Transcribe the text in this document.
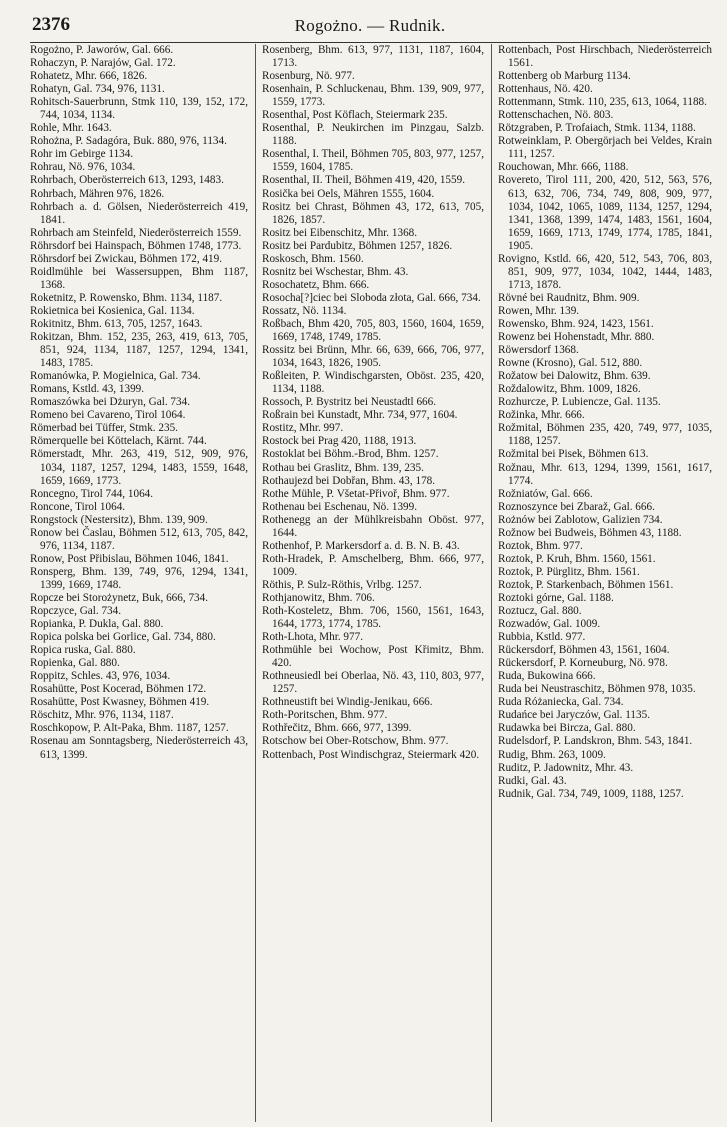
2376	Rogożno. — Rudnik.

Rogożno, P. Jaworów, Gal. 666.

Rohaczyn, P. Narajów, Gal. 172.

Rohatetz, Mhr. 666, 1826.

Rohatyn, Gal. 734, 976, 1131.

Rohitsch-Sauerbrunn, Stmk 110, 139, 152, 172, 744, 1034, 1134.

Rohle, Mhr. 1643.

Rohożna, P. Sadagóra, Buk. 880, 976, 1134.

Rohr im Gebirge 1134.

Rohrau, Nö. 976, 1034.

Rohrbach, Oberösterreich 613, 1293, 1483.

Rohrbach, Mähren 976, 1826.

Rohrbach a. d. Gölsen, Niederösterreich 419, 1841.

Rohrbach am Steinfeld, Niederösterreich 1559.

Röhrsdorf bei Hainspach, Böhmen 1748, 1773.

Röhrsdorf bei Zwickau, Böhmen 172, 419.

Roidlmühle bei Wassersuppen, Bhm 1187, 1368.

Roketnitz, P. Rowensko, Bhm. 1134, 1187.

Rokietnica bei Kosienica, Gal. 1134.

Rokitnitz, Bhm. 613, 705, 1257, 1643.

Rokitzan, Bhm. 152, 235, 263, 419, 613, 705, 851, 924, 1134, 1187, 1257, 1294, 1341, 1483, 1785.

Romanówka, P. Mogielnica, Gal. 734.

Romans, Kstld. 43, 1399.

Romaszówka bei Dżuryn, Gal. 734.

Romeno bei Cavareno, Tirol 1064.

Römerbad bei Tüffer, Stmk. 235.

Römerquelle bei Köttelach, Kärnt. 744.

Römerstadt, Mhr. 263, 419, 512, 909, 976, 1034, 1187, 1257, 1294, 1483, 1559, 1648, 1659, 1669, 1773.

Roncegno, Tirol 744, 1064.

Roncone, Tirol 1064.

Rongstock (Nestersitz), Bhm. 139, 909.

Ronow bei Časlau, Böhmen 512, 613, 705, 842, 976, 1134, 1187.

Ronow, Post Přibislau, Böhmen 1046, 1841.

Ronsperg, Bhm. 139, 749, 976, 1294, 1341, 1399, 1669, 1748.

Ropcze bei Storożynetz, Buk, 666, 734.

Ropczyce, Gal. 734.

Ropianka, P. Dukla, Gal. 880.

Ropica polska bei Gorlice, Gal. 734, 880.

Ropica ruska, Gal. 880.

Ropienka, Gal. 880.

Roppitz, Schles. 43, 976, 1034.

Rosahütte, Post Kocerad, Böhmen 172.

Rosahütte, Post Kwasney, Böhmen 419.

Röschitz, Mhr. 976, 1134, 1187.

Roschkopow, P. Alt-Paka, Bhm. 1187, 1257.

Rosenau am Sonntagsberg, Niederösterreich 43, 613, 1399.

Rosenberg, Bhm. 613, 977, 1131, 1187, 1604, 1713.

Rosenburg, Nö. 977.

Rosenhain, P. Schluckenau, Bhm. 139, 909, 977, 1559, 1773.

Rosenthal, Post Köflach, Steiermark 235.

Rosenthal, P. Neukirchen im Pinzgau, Salzb. 1188.

Rosenthal, I. Theil, Böhmen 705, 803, 977, 1257, 1559, 1604, 1785.

Rosenthal, II. Theil, Böhmen 419, 420, 1559.

Rosička bei Oels, Mähren 1555, 1604.

Rositz bei Chrast, Böhmen 43, 172, 613, 705, 1826, 1857.

Rositz bei Eibenschitz, Mhr. 1368.

Rositz bei Pardubitz, Böhmen 1257, 1826.

Roskosch, Bhm. 1560.

Rosnitz bei Wschestar, Bhm. 43.

Rosochatetz, Bhm. 666.

Rosocha[?]ciec bei Sloboda złota, Gal. 666, 734.

Rossatz, Nö. 1134.

Roßbach, Bhm 420, 705, 803, 1560, 1604, 1659, 1669, 1748, 1749, 1785.

Rossitz bei Brünn, Mhr. 66, 639, 666, 706, 977, 1034, 1643, 1826, 1905.

Roßleiten, P. Windischgarsten, Oböst. 235, 420, 1134, 1188.

Rossoch, P. Bystritz bei Neustadtl 666.

Roßrain bei Kunstadt, Mhr. 734, 977, 1604.

Rostitz, Mhr. 997.

Rostock bei Prag 420, 1188, 1913.

Rostoklat bei Böhm.-Brod, Bhm. 1257.

Rothau bei Graslitz, Bhm. 139, 235.

Rothaujezd bei Dobřan, Bhm. 43, 178.

Rothe Mühle, P. Všetat-Přivoř, Bhm. 977.

Rothenau bei Eschenau, Nö. 1399.

Rothenegg an der Mühlkreisbahn Oböst. 977, 1644.

Rothenhof, P. Markersdorf a. d. B. N. B. 43.

Roth-Hradek, P. Amschelberg, Bhm. 666, 977, 1009.

Röthis, P. Sulz-Röthis, Vrlbg. 1257.

Rothjanowitz, Bhm. 706.

Roth-Kosteletz, Bhm. 706, 1560, 1561, 1643, 1644, 1773, 1774, 1785.

Roth-Lhota, Mhr. 977.

Rothmühle bei Wochow, Post Křimitz, Bhm. 420.

Rothneusiedl bei Oberlaa, Nö. 43, 110, 803, 977, 1257.

Rothneustift bei Windig-Jenikau, 666.

Roth-Poritschen, Bhm. 977.

Rothřečitz, Bhm. 666, 977, 1399.

Rotschow bei Ober-Rotschow, Bhm. 977.

Rottenbach, Post Windischgraz, Steiermark 420.

Rottenbach, Post Hirschbach, Niederösterreich 1561.

Rottenberg ob Marburg 1134.

Rottenhaus, Nö. 420.

Rottenmann, Stmk. 110, 235, 613, 1064, 1188.

Rottenschachen, Nö. 803.

Rötzgraben, P. Trofaiach, Stmk. 1134, 1188.

Rotweinklam, P. Obergörjach bei Veldes, Krain 111, 1257.

Rouchowan, Mhr. 666, 1188.

Rovereto, Tirol 111, 200, 420, 512, 563, 576, 613, 632, 706, 734, 749, 808, 909, 977, 1034, 1042, 1065, 1089, 1134, 1257, 1294, 1341, 1368, 1399, 1474, 1483, 1561, 1604, 1659, 1669, 1713, 1749, 1774, 1785, 1841, 1905.

Rovigno, Kstld. 66, 420, 512, 543, 706, 803, 851, 909, 977, 1034, 1042, 1444, 1483, 1713, 1878.

Rövné bei Raudnitz, Bhm. 909.

Rowen, Mhr. 139.

Rowensko, Bhm. 924, 1423, 1561.

Rowenz bei Hohenstadt, Mhr. 880.

Röwersdorf 1368.

Rowne (Krosno), Gal. 512, 880.

Rožatow bei Dalowitz, Bhm. 639.

Roždalowitz, Bhm. 1009, 1826.

Rozhurcze, P. Lubiencze, Gal. 1135.

Rožinka, Mhr. 666.

Rožmital, Böhmen 235, 420, 749, 977, 1035, 1188, 1257.

Rožmital bei Pisek, Böhmen 613.

Rožnau, Mhr. 613, 1294, 1399, 1561, 1617, 1774.

Rožniatów, Gal. 666.

Roznoszynce bei Zbaraž, Gal. 666.

Rożnów bei Zablotow, Galizien 734.

Rožnow bei Budweis, Böhmen 43, 1188.

Roztok, Bhm. 977.

Roztok, P. Kruh, Bhm. 1560, 1561.

Roztok, P. Pürglitz, Bhm. 1561.

Roztok, P. Starkenbach, Böhmen 1561.

Roztoki górne, Gal. 1188.

Roztucz, Gal. 880.

Rozwadów, Gal. 1009.

Rubbia, Kstld. 977.

Rückersdorf, Böhmen 43, 1561, 1604.

Rückersdorf, P. Korneuburg, Nö. 978.

Ruda, Bukowina 666.

Ruda bei Neustraschitz, Böhmen 978, 1035.

Ruda Różaniecka, Gal. 734.

Rudańce bei Jaryczów, Gal. 1135.

Rudawka bei Bircza, Gal. 880.

Rudelsdorf, P. Landskron, Bhm. 543, 1841.

Rudig, Bhm. 263, 1009.

Ruditz, P. Jadownitz, Mhr. 43.

Rudki, Gal. 43.

Rudnik, Gal. 734, 749, 1009, 1188, 1257.
